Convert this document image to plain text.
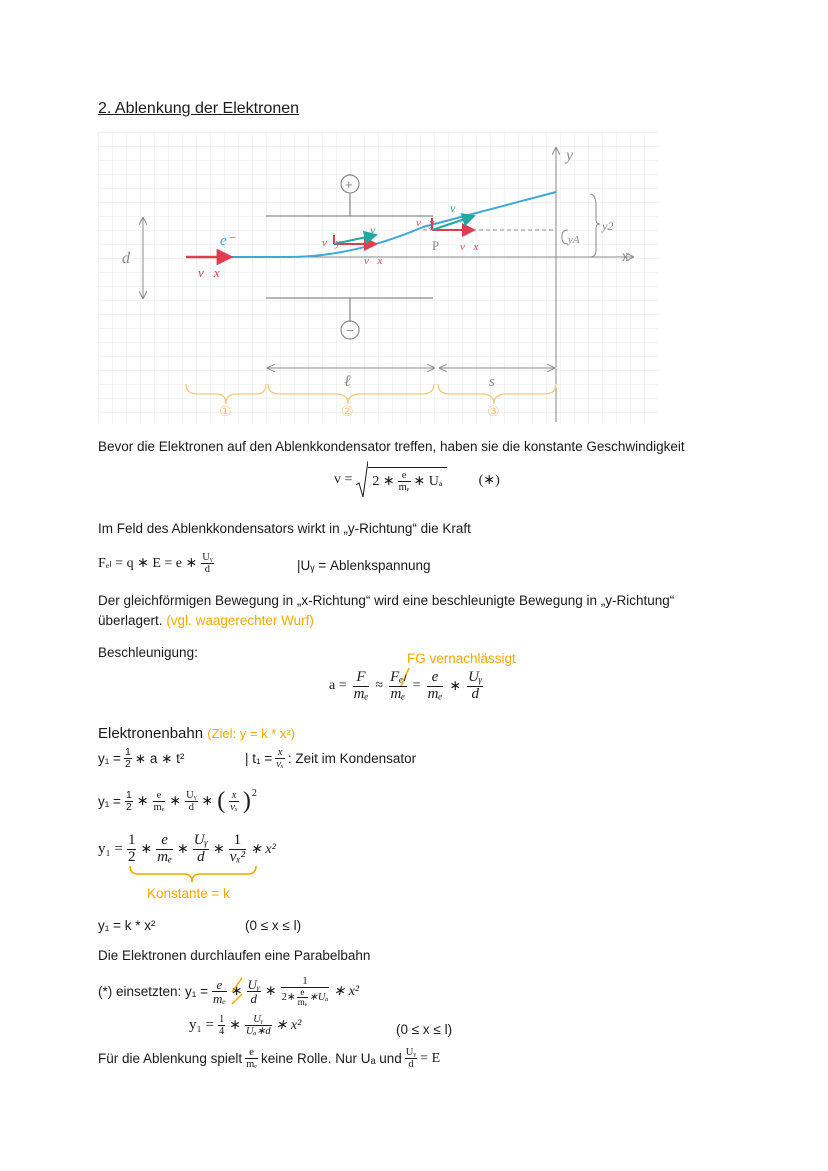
2. Ablenkung der Elektronen
y
x
+
−
d
e⁻
v⃗x
v⃗
v⃗y
v⃗x
v⃗
v⃗y
v⃗x
P	yA
y2
ℓ	s
①	②	③
Bevor die Elektronen auf den Ablenkkondensator treffen, haben sie die konstante Geschwindigkeit
v = 2 ∗ $\frac{e}{\text{mₑ}}$ ∗ Uₐ	(∗)
Im Feld des Ablenkkondensators wirkt in „y-Richtung“ die Kraft
Fₑₗ = q ∗ E = e ∗ $\frac{\text{Uᵧ}}{d}$	|Uᵧ = Ablenkspannung
Der gleichförmigen Bewegung in „x-Richtung“ wird eine beschleunigte Bewegung in „y-Richtung“
überlagert. (vgl. waagerechter Wurf)
Beschleunigung:	FG vernachlässigt
$a = \frac{F}{\text{mₑ}} \approx \frac{\text{Fₑₗ}}{\text{mₑ}} = \frac{e}{\text{mₑ}}$ ∗ $\frac{\text{Uᵧ}}{d}$
Elektronenbahn (Ziel: y = k * x²)
$y_1 = \frac{1}{2}$ ∗ a ∗ t²	| $t_1 = \frac{x}{\text{vₓ}}$ : Zeit im Kondensator
$y_1 = \frac{1}{2}$ ∗ $\frac{e}{\text{mₑ}}$ ∗ $\frac{\text{Uᵧ}}{d}$ ∗ ( $\frac{x}{\text{vₓ}} )^2$
$y_1 = \frac{1}{2}$ ∗ $\frac{e}{\text{mₑ}}$ ∗ $\frac{\text{Uᵧ}}{d}$ ∗ $\frac{1}{\text{vₓ²}}$ ∗ x²
Konstante = k
y₁ = k * x²	(0 ≤ x ≤ l)
Die Elektronen durchlaufen eine Parabelbahn
(*) einsetzten: $y_1 = \frac{e}{\text{mₑ}}$ ∗ $\frac{\text{Uᵧ}}{d}$ ∗ $\frac{1}{2∗ \frac{e}{\text{mₑ}} ∗U_a}$ ∗ x²
$y_1 = \frac{1}{4}$ ∗ $\frac{\text{Uᵧ}}{\text{Uₐ∗d}}$ ∗ x²	(0 ≤ x ≤ l)
Für die Ablenkung spielt $\frac{e}{\text{mₑ}}$ keine Rolle. Nur Uₐ und $\frac{\text{Uᵧ}}{d} = E$
